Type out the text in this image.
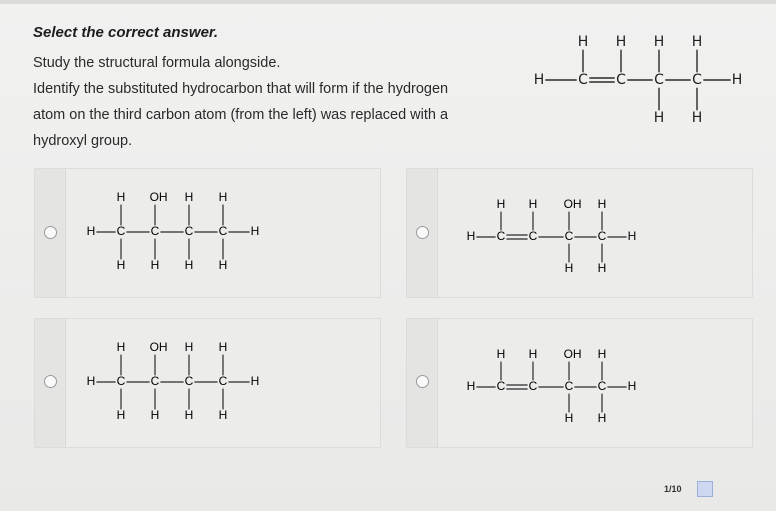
Select the correct answer.

Study the structural formula alongside.

Identify the substituted hydrocarbon that will form if the hydrogen

atom on the third carbon atom (from the left) was replaced with a

hydroxyl group.

H C
H
C
H
C
H
H
C
H
H
H
H C
H
H
C
OH
H
C
H
H
C
H
H
H	H C
H
C
H
C
OH
H
C
H
H
H
H C
H
H
C
OH
H
C
H
H
C
H
H
H	H C
H
C
H
C
OH
H
C
H
H
H
1/10
